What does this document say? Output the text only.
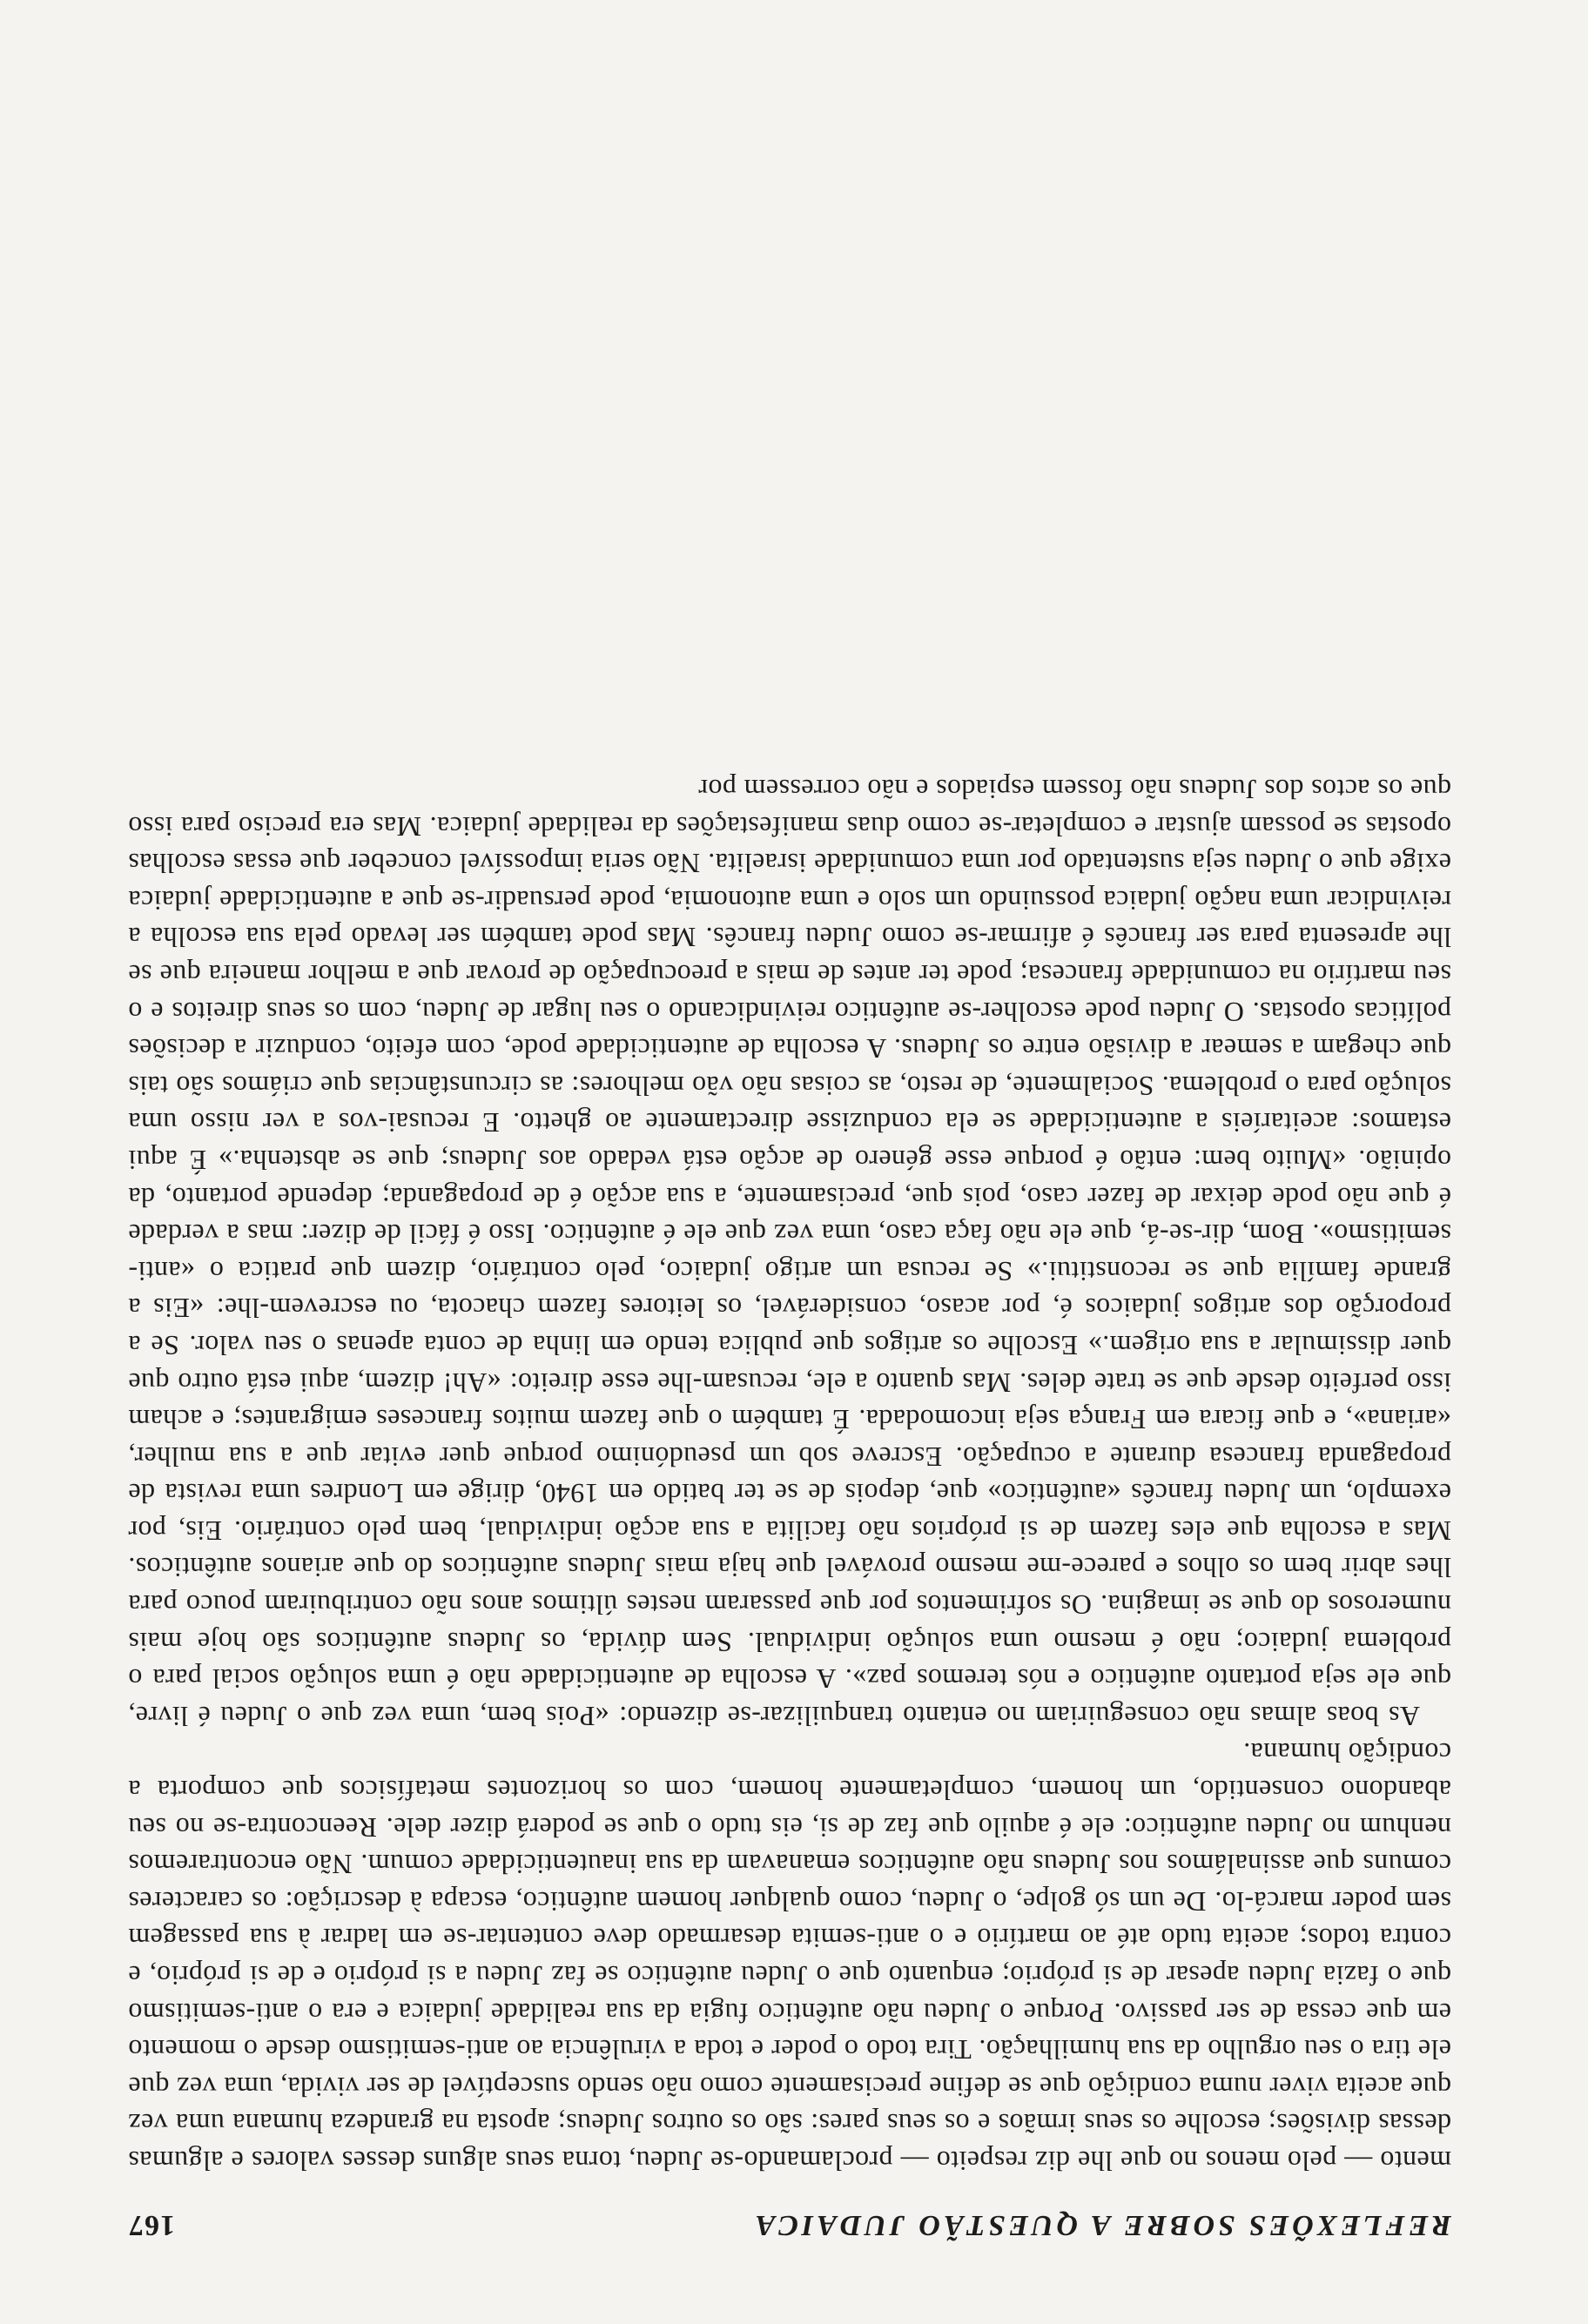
REFLEXÕES SOBRE A QUESTÃO JUDAICA
167

mento — pelo menos no que lhe diz respeito — proclamando-se Judeu, torna seus alguns desses valores e algumas dessas divisões; escolhe os seus irmãos e os seus pares: são os outros Judeus; aposta na grandeza humana uma vez que aceita viver numa condição que se define precisamente como não sendo susceptível de ser vivida, uma vez que ele tira o seu orgulho da sua humilhação. Tira todo o poder e toda a virulência ao anti-semitismo desde o momento em que cessa de ser passivo. Porque o Judeu não autêntico fugia da sua realidade judaica e era o anti-semitismo que o fazia Judeu apesar de si próprio; enquanto que o Judeu autêntico se faz Judeu a si próprio e de si próprio, e contra todos; aceita tudo até ao martírio e o anti-semita desarmado deve contentar-se em ladrar à sua passagem sem poder marcá-lo. De um só golpe, o Judeu, como qualquer homem autêntico, escapa à descrição: os caracteres comuns que assinalámos nos Judeus não autênticos emanavam da sua inautenticidade comum. Não encontraremos nenhum no Judeu autêntico: ele é aquilo que faz de si, eis tudo o que se poderá dizer dele. Reencontra-se no seu abandono consentido, um homem, completamente homem, com os horizontes metafísicos que comporta a condição humana.

As boas almas não conseguiriam no entanto tranquilizar-se dizendo: «Pois bem, uma vez que o Judeu é livre, que ele seja portanto autêntico e nós teremos paz». A escolha de autenticidade não é uma solução social para o problema judaico; não é mesmo uma solução individual. Sem dúvida, os Judeus autênticos são hoje mais numerosos do que se imagina. Os sofrimentos por que passaram nestes últimos anos não contribuiram pouco para lhes abrir bem os olhos e parece-me mesmo provável que haja mais Judeus autênticos do que arianos autênticos. Mas a escolha que eles fazem de si próprios não facilita a sua acção individual, bem pelo contrário. Eis, por exemplo, um Judeu francês «autêntico» que, depois de se ter batido em 1940, dirige em Londres uma revista de propaganda francesa durante a ocupação. Escreve sob um pseudónimo porque quer evitar que a sua mulher, «ariana», e que ficara em França seja incomodada. É também o que fazem muitos franceses emigrantes; e acham isso perfeito desde que se trate deles. Mas quanto a ele, recusam-lhe esse direito: «Ah! dizem, aqui está outro que quer dissimular a sua origem.» Escolhe os artigos que publica tendo em linha de conta apenas o seu valor. Se a proporção dos artigos judaicos é, por acaso, considerável, os leitores fazem chacota, ou escrevem-lhe: «Eis a grande família que se reconstitui.» Se recusa um artigo judaico, pelo contrário, dizem que pratica o «anti-semitismo». Bom, dir-se-á, que ele não faça caso, uma vez que ele é autêntico. Isso é fácil de dizer: mas a verdade é que não pode deixar de fazer caso, pois que, precisamente, a sua acção é de propaganda; depende portanto, da opinião. «Muito bem: então é porque esse género de acção está vedado aos Judeus; que se abstenha.» É aqui estamos: aceitaríeis a autenticidade se ela conduzisse directamente ao ghetto. E recusai-vos a ver nisso uma solução para o problema. Socialmente, de resto, as coisas não vão melhores: as circunstâncias que criámos são tais que chegam a semear a divisão entre os Judeus. A escolha de autenticidade pode, com efeito, conduzir a decisões políticas opostas. O Judeu pode escolher-se autêntico reivindicando o seu lugar de Judeu, com os seus direitos e o seu martírio na comunidade francesa; pode ter antes de mais a preocupação de provar que a melhor maneira que se lhe apresenta para ser francês é afirmar-se como Judeu francês. Mas pode também ser levado pela sua escolha a reivindicar uma nação judaica possuindo um solo e uma autonomia, pode persuadir-se que a autenticidade judaica exige que o Judeu seja sustentado por uma comunidade israelita. Não seria impossível conceber que essas escolhas opostas se possam ajustar e completar-se como duas manifestações da realidade judaica. Mas era preciso para isso que os actos dos Judeus não fossem espiados e não corressem por
